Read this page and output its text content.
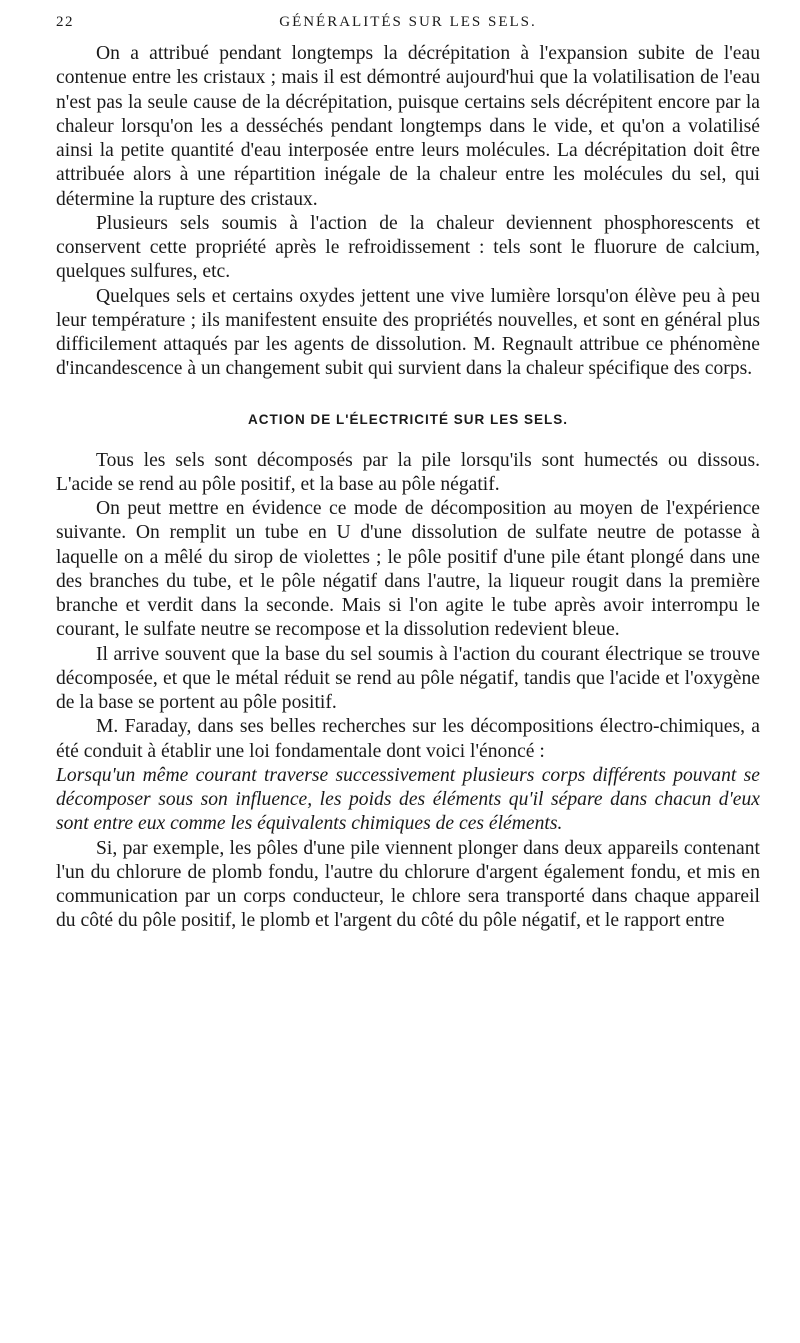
22	GÉNÉRALITÉS SUR LES SELS.

On a attribué pendant longtemps la décrépitation à l'expansion subite de l'eau contenue entre les cristaux ; mais il est démontré aujourd'hui que la volatilisation de l'eau n'est pas la seule cause de la décrépitation, puisque certains sels décrépitent encore par la chaleur lorsqu'on les a desséchés pendant longtemps dans le vide, et qu'on a volatilisé ainsi la petite quantité d'eau interposée entre leurs molécules. La décrépitation doit être attribuée alors à une répartition inégale de la chaleur entre les molécules du sel, qui détermine la rupture des cristaux.

Plusieurs sels soumis à l'action de la chaleur deviennent phosphorescents et conservent cette propriété après le refroidissement : tels sont le fluorure de calcium, quelques sulfures, etc.

Quelques sels et certains oxydes jettent une vive lumière lorsqu'on élève peu à peu leur température ; ils manifestent ensuite des propriétés nouvelles, et sont en général plus difficilement attaqués par les agents de dissolution. M. Regnault attribue ce phénomène d'incandescence à un changement subit qui survient dans la chaleur spécifique des corps.

ACTION DE L'ÉLECTRICITÉ SUR LES SELS.

Tous les sels sont décomposés par la pile lorsqu'ils sont humectés ou dissous. L'acide se rend au pôle positif, et la base au pôle négatif.

On peut mettre en évidence ce mode de décomposition au moyen de l'expérience suivante. On remplit un tube en U d'une dissolution de sulfate neutre de potasse à laquelle on a mêlé du sirop de violettes ; le pôle positif d'une pile étant plongé dans une des branches du tube, et le pôle négatif dans l'autre, la liqueur rougit dans la première branche et verdit dans la seconde. Mais si l'on agite le tube après avoir interrompu le courant, le sulfate neutre se recompose et la dissolution redevient bleue.

Il arrive souvent que la base du sel soumis à l'action du courant électrique se trouve décomposée, et que le métal réduit se rend au pôle négatif, tandis que l'acide et l'oxygène de la base se portent au pôle positif.

M. Faraday, dans ses belles recherches sur les décompositions électro-chimiques, a été conduit à établir une loi fondamentale dont voici l'énoncé :

Lorsqu'un même courant traverse successivement plusieurs corps différents pouvant se décomposer sous son influence, les poids des éléments qu'il sépare dans chacun d'eux sont entre eux comme les équivalents chimiques de ces éléments.

Si, par exemple, les pôles d'une pile viennent plonger dans deux appareils contenant l'un du chlorure de plomb fondu, l'autre du chlorure d'argent également fondu, et mis en communication par un corps conducteur, le chlore sera transporté dans chaque appareil du côté du pôle positif, le plomb et l'argent du côté du pôle négatif, et le rapport entre
